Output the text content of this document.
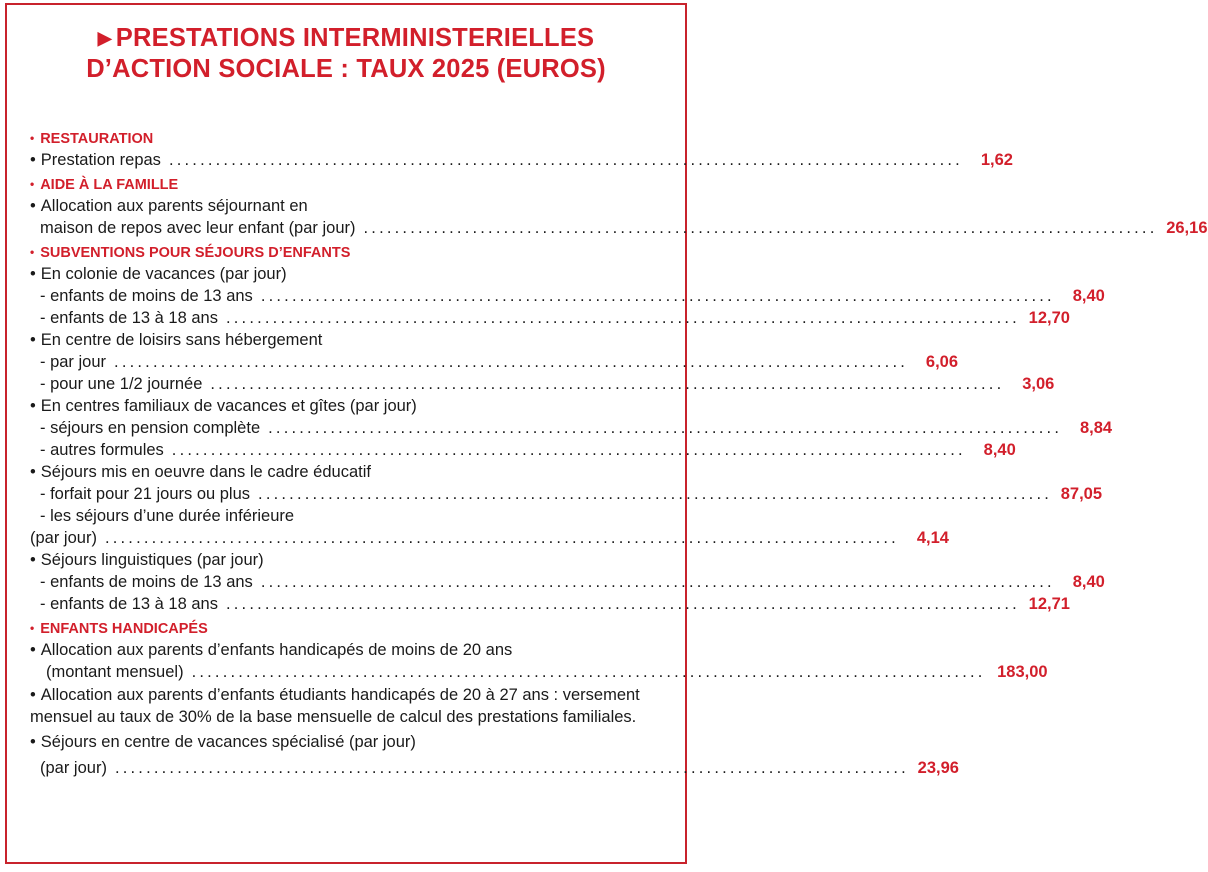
▶ PRESTATIONS INTERMINISTERIELLES
D’ACTION SOCIALE : TAUX 2025 (EUROS)
• RESTAURATION
• Prestation repas ......................................................................................................	1,62
• AIDE À LA FAMILLE
• Allocation aux parents séjournant en
maison de repos avec leur enfant (par jour) ...................................................................................................... 26,16
• SUBVENTIONS POUR SÉJOURS D’ENFANTS
• En colonie de vacances (par jour)
- enfants de moins de 13 ans ......................................................................................................	8,40
- enfants de 13 à 18 ans ...................................................................................................... 12,70
• En centre de loisirs sans hébergement
- par jour ......................................................................................................	6,06
- pour une 1/2 journée ......................................................................................................	3,06
• En centres familiaux de vacances et gîtes (par jour)
- séjours en pension complète ......................................................................................................	8,84
- autres formules ......................................................................................................	8,40
• Séjours mis en oeuvre dans le cadre éducatif
- forfait pour 21 jours ou plus ...................................................................................................... 87,05
- les séjours d’une durée inférieure
(par jour) ......................................................................................................	4,14
• Séjours linguistiques (par jour)
- enfants de moins de 13 ans ......................................................................................................	8,40
- enfants de 13 à 18 ans ...................................................................................................... 12,71
• ENFANTS HANDICAPÉS
• Allocation aux parents d’enfants handicapés de moins de 20 ans
(montant mensuel) ...................................................................................................... 183,00
• Allocation aux parents d’enfants étudiants handicapés de 20 à 27 ans : versement mensuel au taux de 30% de la base mensuelle de calcul des prestations familiales.
• Séjours en centre de vacances spécialisé (par jour)
(par jour) ...................................................................................................... 23,96
